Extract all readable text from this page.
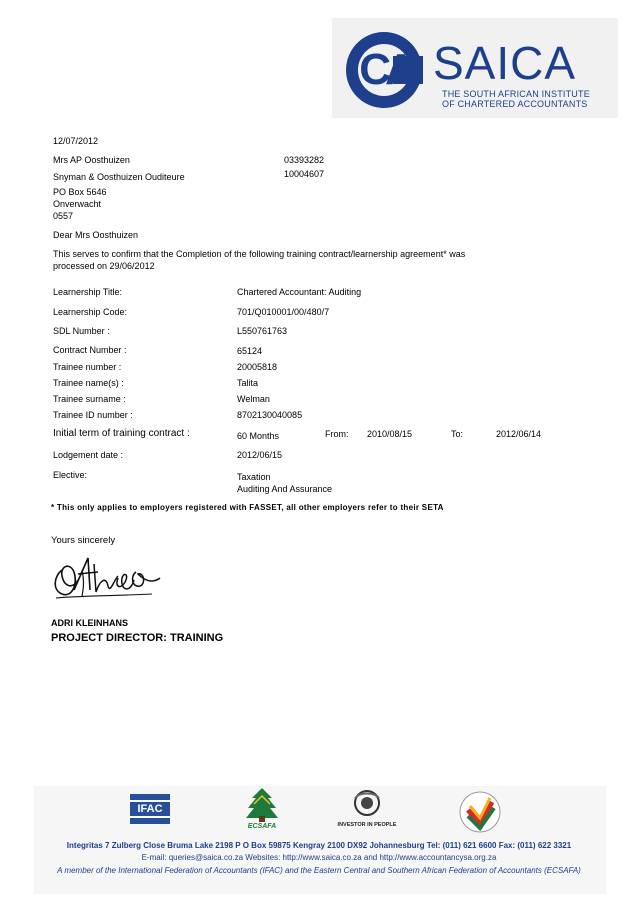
CA SAICA
THE SOUTH AFRICAN INSTITUTE
OF CHARTERED ACCOUNTANTS
12/07/2012
Mrs AP Oosthuizen
Snyman & Oosthuizen Ouditeure
PO Box 5646
Onverwacht
0557
03393282
10004607
Dear Mrs Oosthuizen
This serves to confirm that the Completion of the following training contract/learnership agreement* was
processed on 29/06/2012
Learnership Title:	Chartered Accountant: Auditing
Learnership Code:	701/Q010001/00/480/7
SDL Number :	L550761763
Contract Number :	65124
Trainee number :	20005818
Trainee name(s) :	Talita
Trainee surname :	Welman
Trainee ID number :	8702130040085
Initial term of training contract :	60 Months	From: 2010/08/15	To:	2012/06/14
Lodgement date :	2012/06/15
Elective:	Taxation
Auditing And Assurance
* This only applies to employers registered with FASSET, all other employers refer to their SETA
Yours sincerely
ADRI KLEINHANS
PROJECT DIRECTOR: TRAINING
IFAC
ECSAFA	INVESTOR IN PEOPLE
Integritas 7 Zulberg Close Bruma Lake 2198 P O Box 59875 Kengray 2100 DX92 Johannesburg Tel: (011) 621 6600 Fax: (011) 622 3321
E-mail: queries@saica.co.za Websites: http://www.saica.co.za and http://www.accountancysa.org.za
A member of the International Federation of Accountants (IFAC) and the Eastern Central and Southern African Federation of Accountants (ECSAFA)
